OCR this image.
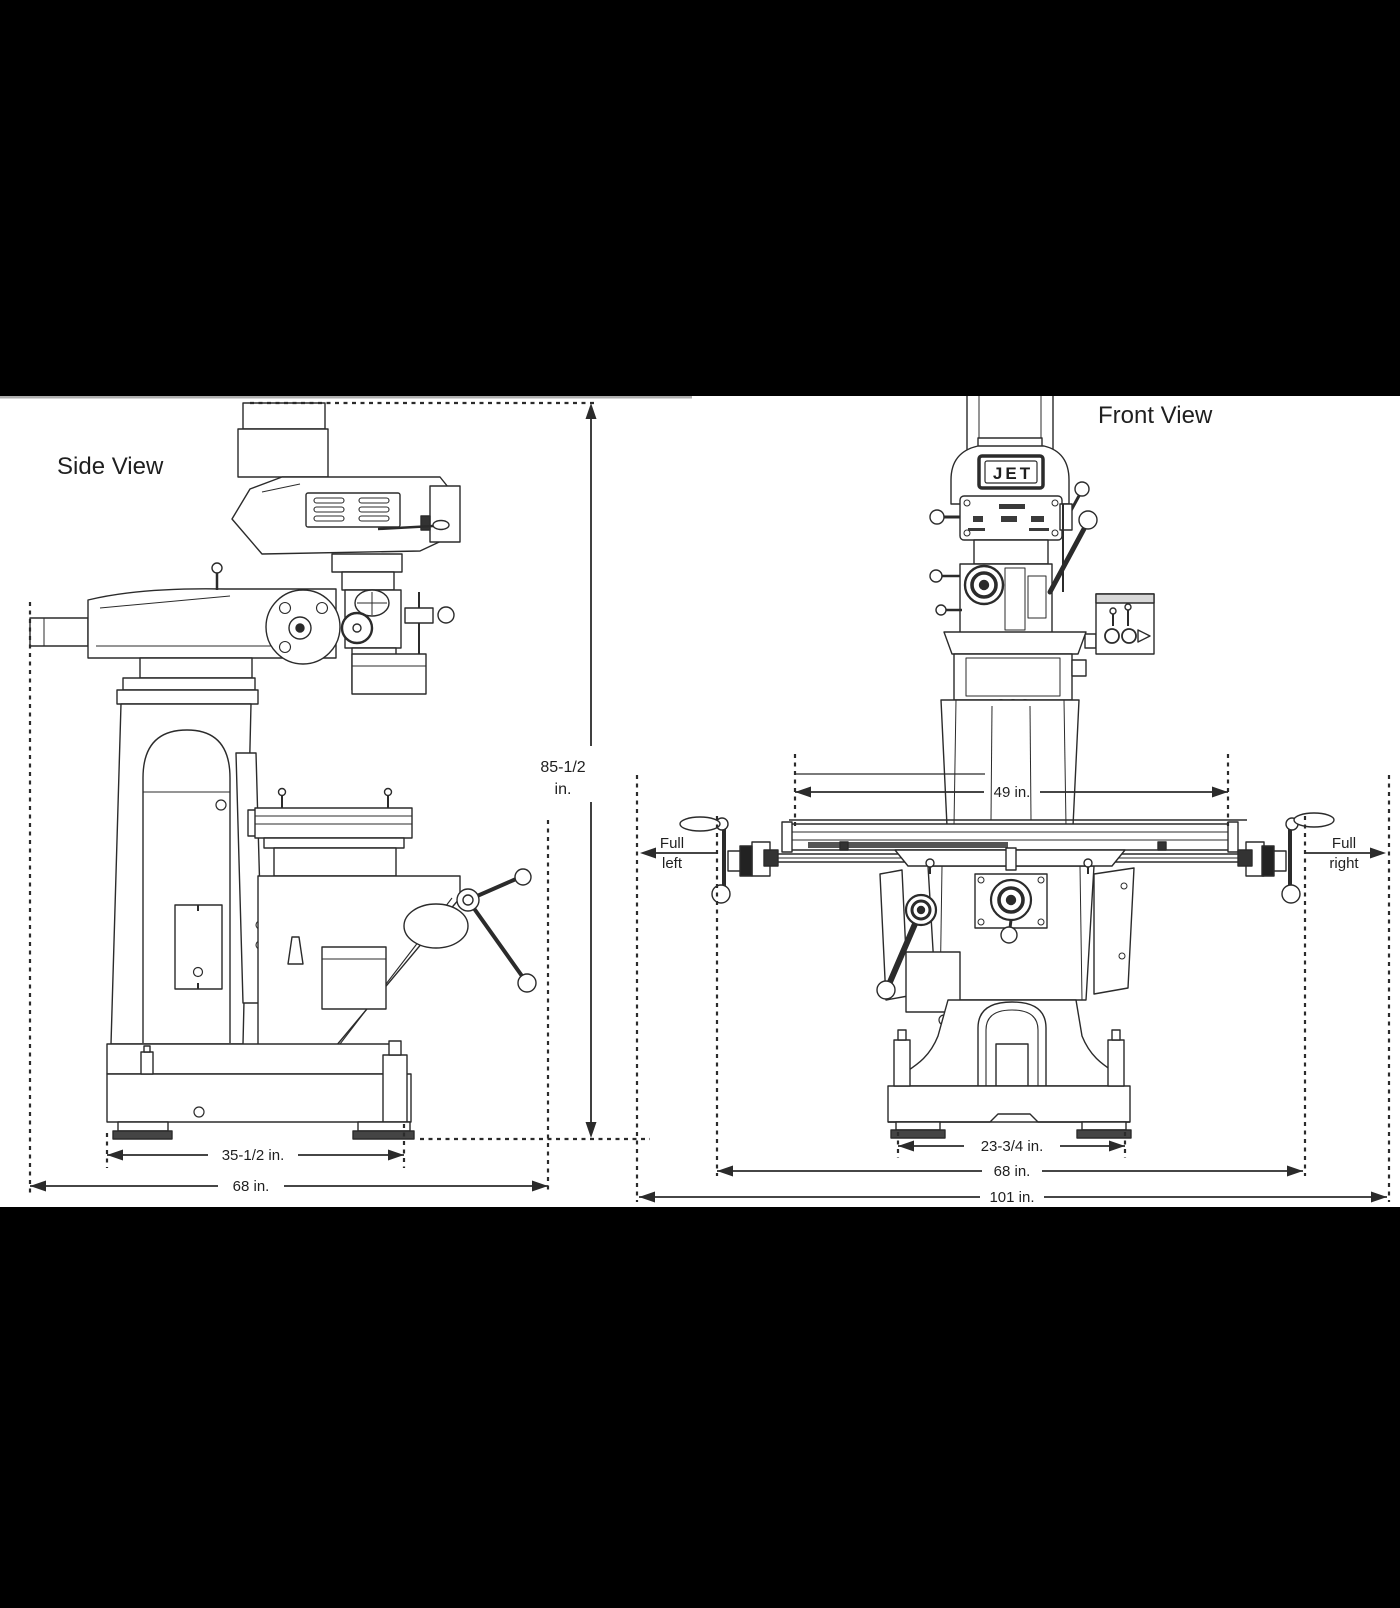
Side View
Front View
85-1/2
in.
35-1/2 in.
68 in.
JET
49 in.
Full
left
Full
right
23-3/4 in.
68 in.
101 in.
